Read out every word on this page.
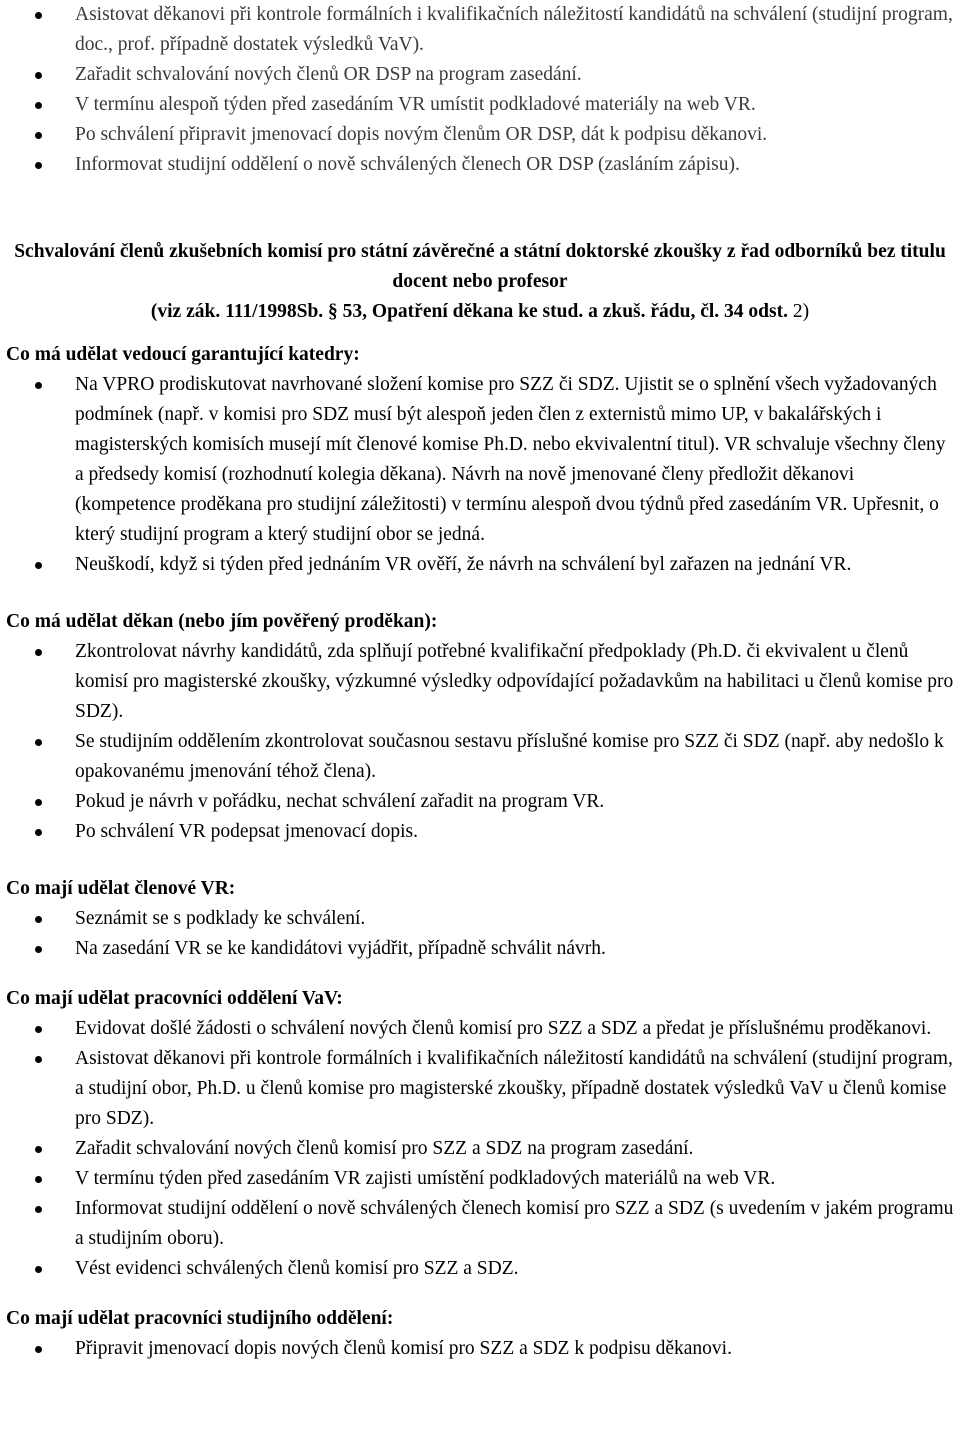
Asistovat děkanovi při kontrole formálních i kvalifikačních náležitostí kandidátů na schválení (studijní program, doc., prof. případně dostatek výsledků VaV).
Zařadit schvalování nových členů OR DSP na program zasedání.
V termínu alespoň týden před zasedáním VR umístit podkladové materiály na web VR.
Po schválení připravit jmenovací dopis novým členům OR DSP, dát k podpisu děkanovi.
Informovat studijní oddělení o nově schválených členech OR DSP (zasláním zápisu).
Schvalování členů zkušebních komisí pro státní závěrečné a státní doktorské zkoušky z řad odborníků bez titulu docent nebo profesor
(viz zák. 111/1998Sb. § 53, Opatření děkana ke stud. a zkuš. řádu, čl. 34 odst. 2)
Co má udělat vedoucí garantující katedry:
Na VPRO prodiskutovat navrhované složení komise pro SZZ či SDZ. Ujistit se o splnění všech vyžadovaných podmínek (např. v komisi pro SDZ musí být alespoň jeden člen z externistů mimo UP, v bakalářských i magisterských komisích musejí mít členové komise Ph.D. nebo ekvivalentní titul). VR schvaluje všechny členy a předsedy komisí (rozhodnutí kolegia děkana). Návrh na nově jmenované členy předložit děkanovi (kompetence proděkana pro studijní záležitosti) v termínu alespoň dvou týdnů před zasedáním VR. Upřesnit, o který studijní program a který studijní obor se jedná.
Neuškodí, když si týden před jednáním VR ověří, že návrh na schválení byl zařazen na jednání VR.
Co má udělat děkan (nebo jím pověřený proděkan):
Zkontrolovat návrhy kandidátů, zda splňují potřebné kvalifikační předpoklady (Ph.D. či ekvivalent u členů komisí pro magisterské zkoušky, výzkumné výsledky odpovídající požadavkům na habilitaci u členů komise pro SDZ).
Se studijním oddělením zkontrolovat současnou sestavu příslušné komise pro SZZ či SDZ (např. aby nedošlo k opakovanému jmenování téhož člena).
Pokud je návrh v pořádku, nechat schválení zařadit na program VR.
Po schválení VR podepsat jmenovací dopis.
Co mají udělat členové VR:
Seznámit se s podklady ke schválení.
Na zasedání VR se ke kandidátovi vyjádřit, případně schválit návrh.
Co mají udělat pracovníci oddělení VaV:
Evidovat došlé žádosti o schválení nových členů komisí pro SZZ a SDZ a předat je příslušnému proděkanovi.
Asistovat děkanovi při kontrole formálních i kvalifikačních náležitostí kandidátů na schválení (studijní program, a studijní obor, Ph.D. u členů komise pro magisterské zkoušky, případně dostatek výsledků VaV u členů komise pro SDZ).
Zařadit schvalování nových členů komisí pro SZZ a SDZ na program zasedání.
V termínu týden před zasedáním VR zajisti umístění podkladových materiálů na web VR.
Informovat studijní oddělení o nově schválených členech komisí pro SZZ a SDZ (s uvedením v jakém programu a studijním oboru).
Vést evidenci schválených členů komisí pro SZZ a SDZ.
Co mají udělat pracovníci studijního oddělení:
Připravit jmenovací dopis nových členů komisí pro SZZ a SDZ k podpisu děkanovi.
